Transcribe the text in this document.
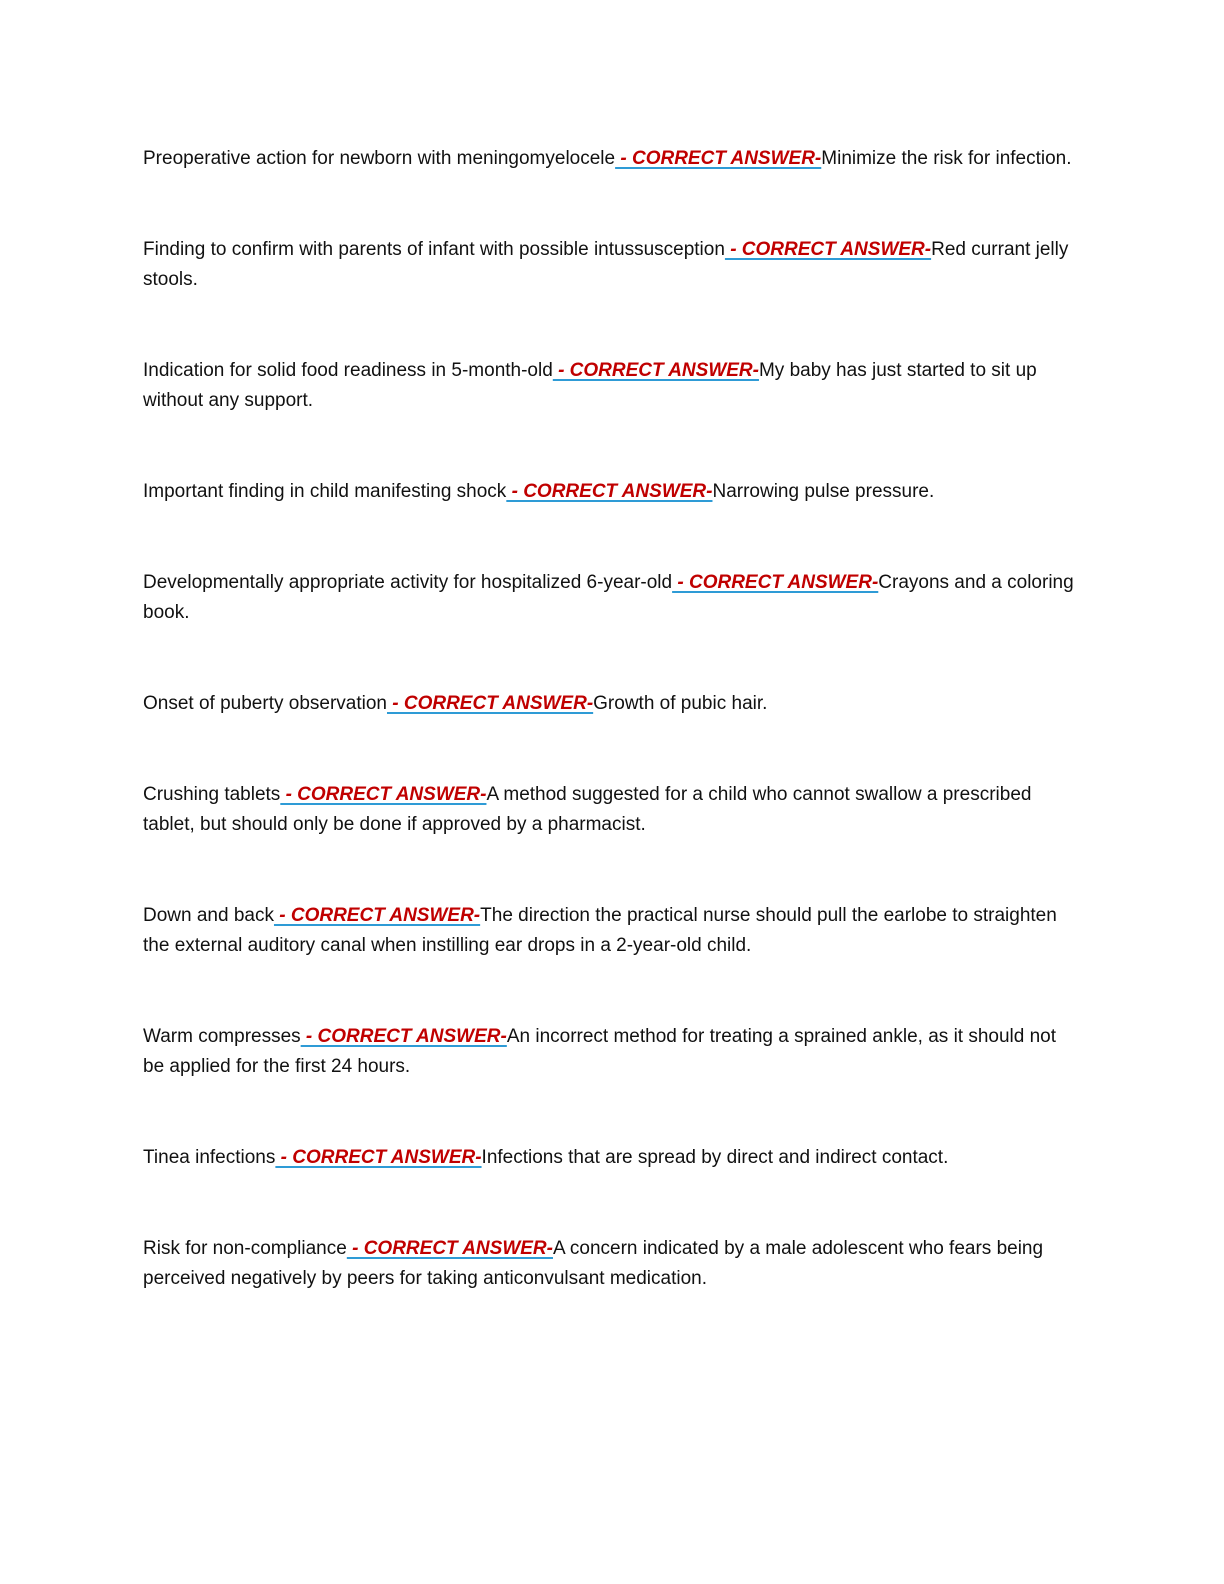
Preoperative action for newborn with meningomyelocele - CORRECT ANSWER-Minimize the risk for infection.

Finding to confirm with parents of infant with possible intussusception - CORRECT ANSWER-Red currant jelly stools.

Indication for solid food readiness in 5-month-old - CORRECT ANSWER-My baby has just started to sit up without any support.

Important finding in child manifesting shock - CORRECT ANSWER-Narrowing pulse pressure.

Developmentally appropriate activity for hospitalized 6-year-old - CORRECT ANSWER-Crayons and a coloring book.

Onset of puberty observation - CORRECT ANSWER-Growth of pubic hair.

Crushing tablets - CORRECT ANSWER-A method suggested for a child who cannot swallow a prescribed tablet, but should only be done if approved by a pharmacist.

Down and back - CORRECT ANSWER-The direction the practical nurse should pull the earlobe to straighten the external auditory canal when instilling ear drops in a 2-year-old child.

Warm compresses - CORRECT ANSWER-An incorrect method for treating a sprained ankle, as it should not be applied for the first 24 hours.

Tinea infections - CORRECT ANSWER-Infections that are spread by direct and indirect contact.

Risk for non-compliance - CORRECT ANSWER-A concern indicated by a male adolescent who fears being perceived negatively by peers for taking anticonvulsant medication.
